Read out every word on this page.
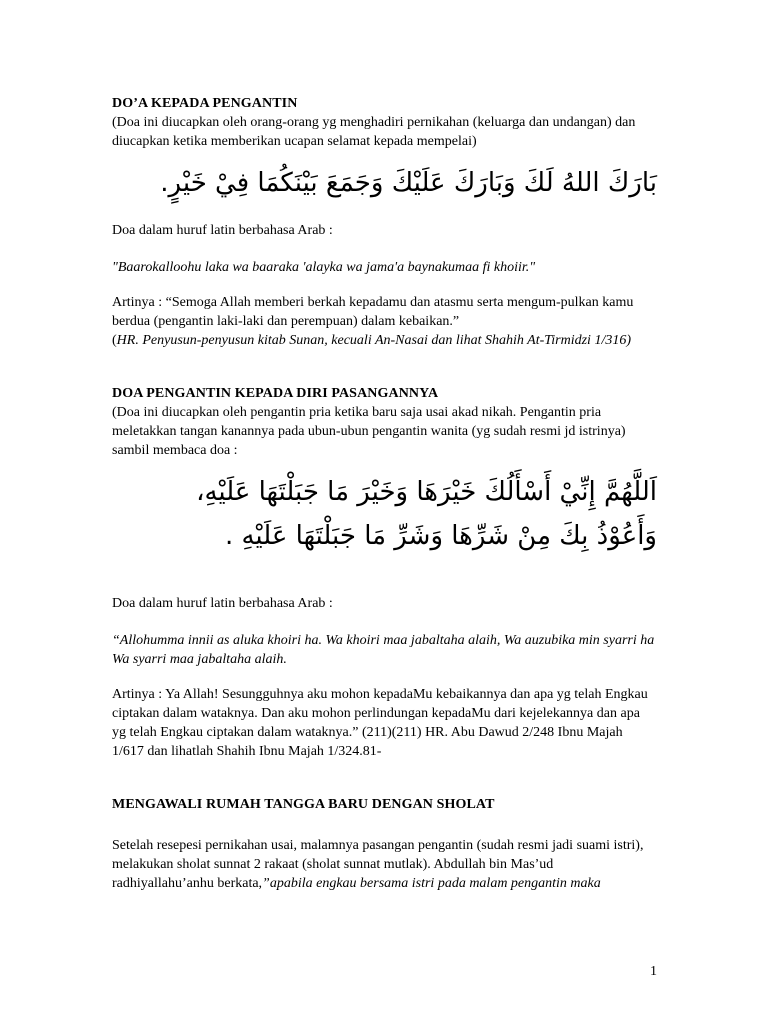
DO’A KEPADA PENGANTIN

(Doa ini diucapkan oleh orang-orang yg menghadiri pernikahan (keluarga dan undangan) dan diucapkan ketika memberikan ucapan selamat kepada mempelai)

بَارَكَ اللهُ لَكَ وَبَارَكَ عَلَيْكَ وَجَمَعَ بَيْنَكُمَا فِيْ خَيْرٍ.

Doa dalam huruf latin berbahasa Arab :

"Baarokalloohu laka wa baaraka 'alayka wa jama'a baynakumaa fi khoiir."

Artinya : “Semoga Allah memberi berkah kepadamu dan atasmu serta mengum-pulkan kamu berdua (pengantin laki-laki dan perempuan) dalam kebaikan.”
(HR. Penyusun-penyusun kitab Sunan, kecuali An-Nasai dan lihat Shahih At-Tirmidzi 1/316)

DOA PENGANTIN KEPADA DIRI PASANGANNYA

(Doa ini diucapkan oleh pengantin pria ketika baru saja usai akad nikah. Pengantin pria meletakkan tangan kanannya pada ubun-ubun pengantin wanita (yg sudah resmi jd istrinya) sambil membaca doa :

اَللَّهُمَّ إِنِّيْ أَسْأَلُكَ خَيْرَهَا وَخَيْرَ مَا جَبَلْتَهَا عَلَيْهِ،

وَأَعُوْذُ بِكَ مِنْ شَرِّهَا وَشَرِّ مَا جَبَلْتَهَا عَلَيْهِ .

Doa dalam huruf latin berbahasa Arab :

“Allohumma innii as aluka khoiri ha. Wa khoiri maa jabaltaha alaih, Wa auzubika min syarri ha Wa syarri maa jabaltaha alaih.

Artinya : Ya Allah! Sesungguhnya aku mohon kepadaMu kebaikannya dan apa yg telah Engkau ciptakan dalam wataknya. Dan aku mohon perlindungan kepadaMu dari kejelekannya dan apa yg telah Engkau ciptakan dalam wataknya.” (211)(211) HR. Abu Dawud 2/248 Ibnu Majah 1/617 dan lihatlah Shahih Ibnu Majah 1/324.81-

MENGAWALI RUMAH TANGGA BARU DENGAN SHOLAT

Setelah resepesi pernikahan usai, malamnya pasangan pengantin (sudah resmi jadi suami istri), melakukan sholat sunnat 2 rakaat (sholat sunnat mutlak). Abdullah bin Mas’ud radhiyallahu’anhu berkata,”apabila engkau bersama istri pada malam pengantin maka

1
